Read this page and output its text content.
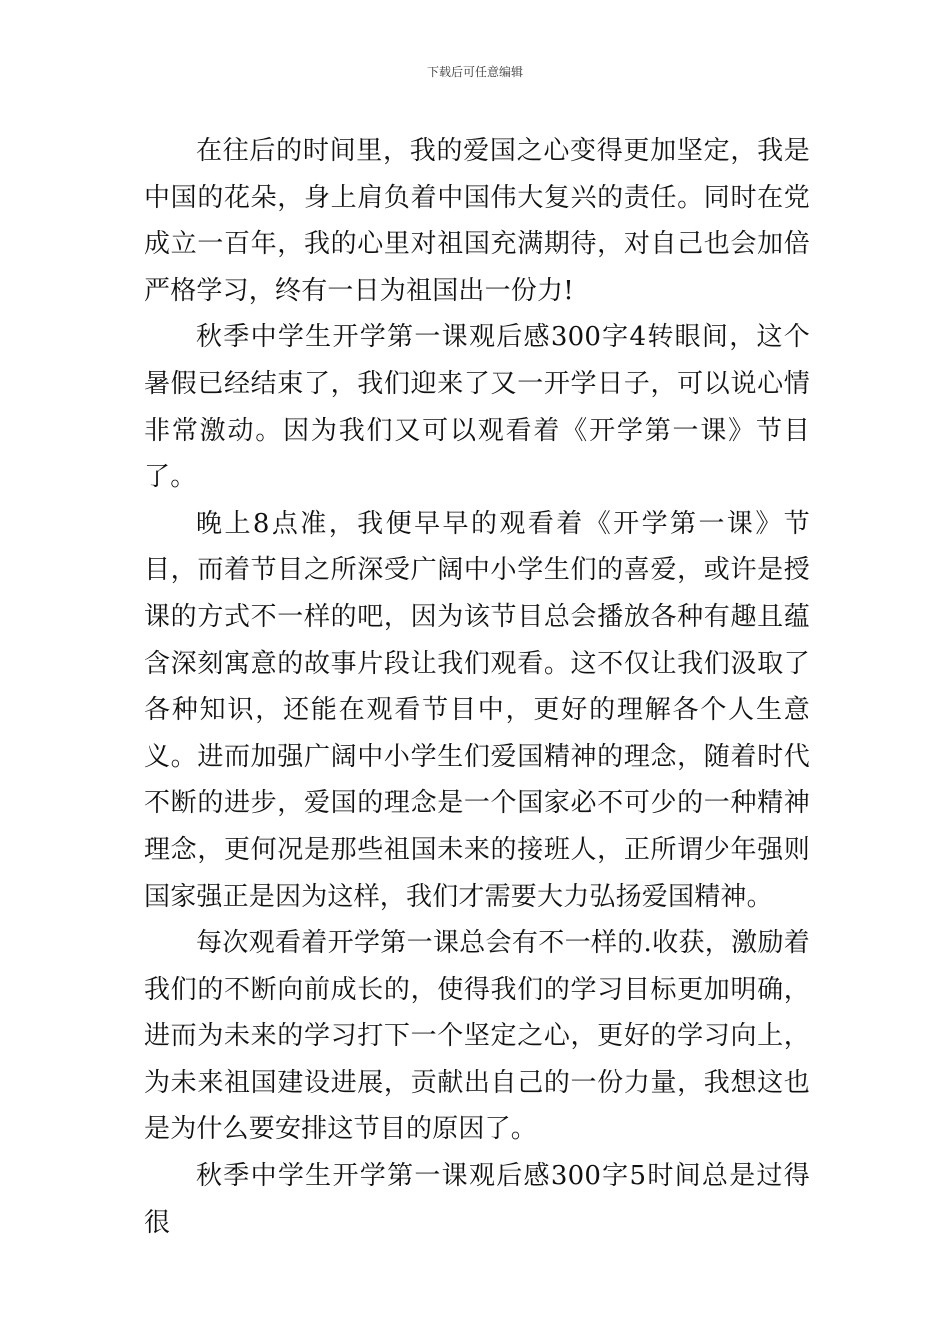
下载后可任意编辑

在往后的时间里，我的爱国之心变得更加坚定，我是中国的花朵，身上肩负着中国伟大复兴的责任。同时在党成立一百年，我的心里对祖国充满期待，对自己也会加倍严格学习，终有一日为祖国出一份力!

秋季中学生开学第一课观后感300字4转眼间，这个暑假已经结束了，我们迎来了又一开学日子，可以说心情非常激动。因为我们又可以观看着《开学第一课》节目了。

晚上8点准，我便早早的观看着《开学第一课》节目，而着节目之所深受广阔中小学生们的喜爱，或许是授课的方式不一样的吧，因为该节目总会播放各种有趣且蕴含深刻寓意的故事片段让我们观看。这不仅让我们汲取了各种知识，还能在观看节目中，更好的理解各个人生意义。进而加强广阔中小学生们爱国精神的理念，随着时代不断的进步，爱国的理念是一个国家必不可少的一种精神理念，更何况是那些祖国未来的接班人，正所谓少年强则国家强正是因为这样，我们才需要大力弘扬爱国精神。

每次观看着开学第一课总会有不一样的.收获，激励着我们的不断向前成长的，使得我们的学习目标更加明确，进而为未来的学习打下一个坚定之心，更好的学习向上，为未来祖国建设进展，贡献出自己的一份力量，我想这也是为什么要安排这节目的原因了。

秋季中学生开学第一课观后感300字5时间总是过得很
